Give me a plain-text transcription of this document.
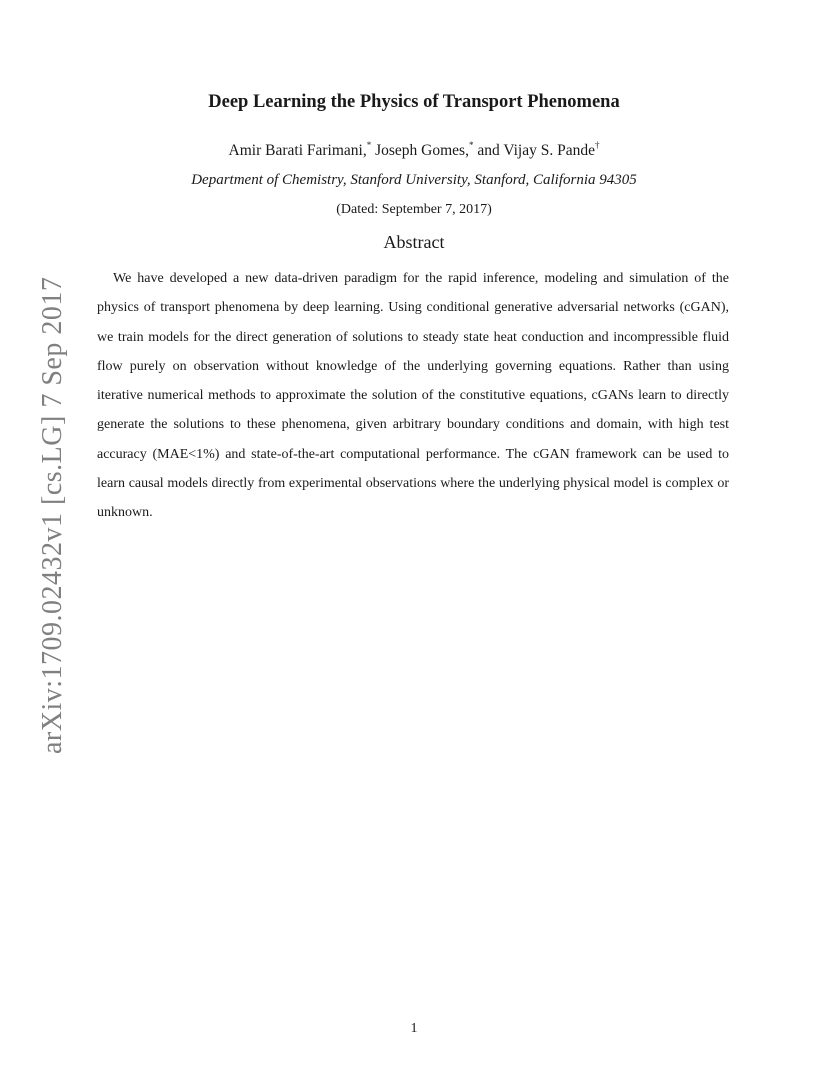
arXiv:1709.02432v1 [cs.LG] 7 Sep 2017
Deep Learning the Physics of Transport Phenomena
Amir Barati Farimani,* Joseph Gomes,* and Vijay S. Pande†
Department of Chemistry, Stanford University, Stanford, California 94305
(Dated: September 7, 2017)
Abstract

We have developed a new data-driven paradigm for the rapid inference, modeling and simulation of the physics of transport phenomena by deep learning. Using conditional generative adversarial networks (cGAN), we train models for the direct generation of solutions to steady state heat conduction and incompressible fluid flow purely on observation without knowledge of the underlying governing equations. Rather than using iterative numerical methods to approximate the solution of the constitutive equations, cGANs learn to directly generate the solutions to these phenomena, given arbitrary boundary conditions and domain, with high test accuracy (MAE<1%) and state-of-the-art computational performance. The cGAN framework can be used to learn causal models directly from experimental observations where the underlying physical model is complex or unknown.

1
